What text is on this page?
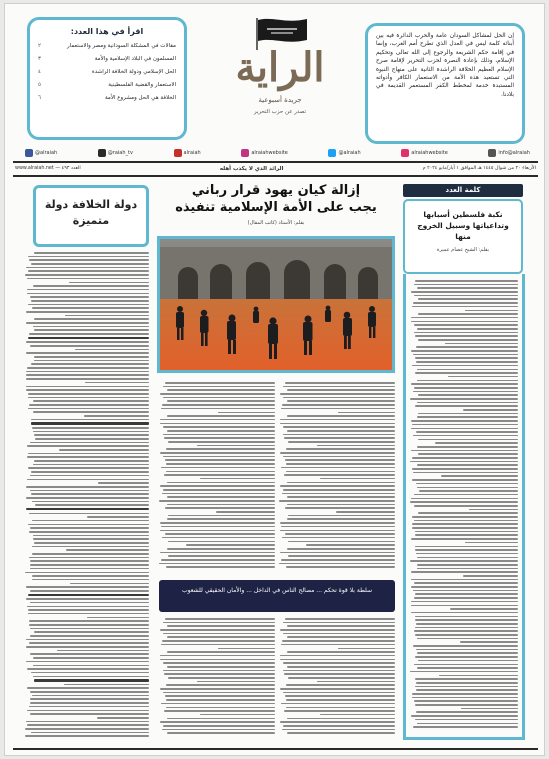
اقرأ في هذا العدد:
مقالات في المشكلة السودانية ومصر والاستعمار
٢
المسلمون في البلاد الإسلامية والأمة
٣
الحل الإسلامي ودولة الخلافة الراشدة
٤
الاستعمار والقضية الفلسطينية
٥
الخلافة هي الحل ومشروع الأمة
٦
الراية
جريدة أسبوعية
تصدر عن حزب التحرير
إن الحل لمشاكل السودان عامة والحرب الدائرة فيه بين أبنائه كلمة ليس في العدل الذي تطرح أمم الغرب، وإنما في إقامة حكم الشريعة والرجوع إلى الله تعالى وتحكيم الإسلام، وذلك بإعادة النصرة لحزب التحرير لإقامة صرح الإسلام العظيم الخلافة الراشدة الثانية على منهاج النبوة التي تستعيد هذه الأمة من الاستعمار الكافر وأدواته المستبدة خدمة لمخطط الكفر المستعمر القديمة في بلادنا.
@alraiah	@raiah_tv	alraiah	alraiahwebsite	@alraiah	alraiahwebsite	info@alraiah
الأربعاء ٢٠ من شوال ١٤٤٥ هـ الموافق ١ أيار/مايو ٢٠٢٤ م
الرائد الذي لا يكذب أهله
العدد ٤٩٣ — www.alraiah.net
دولة الخلافة دولة متميزة
إزالة كيان يهود قرار رباني
يجب على الأمة الإسلامية تنفيذه
بقلم: الأستاذ (كاتب المقال)
سلطة بلا قوة تحكم ... مصالح الناس في الداخل ... والأمان الحقيقي للشعوب
كلمة العدد
نكبة فلسطين أسبابها وتداعياتها وسبيل الخروج منها
بقلم: الشيخ عصام عميرة
